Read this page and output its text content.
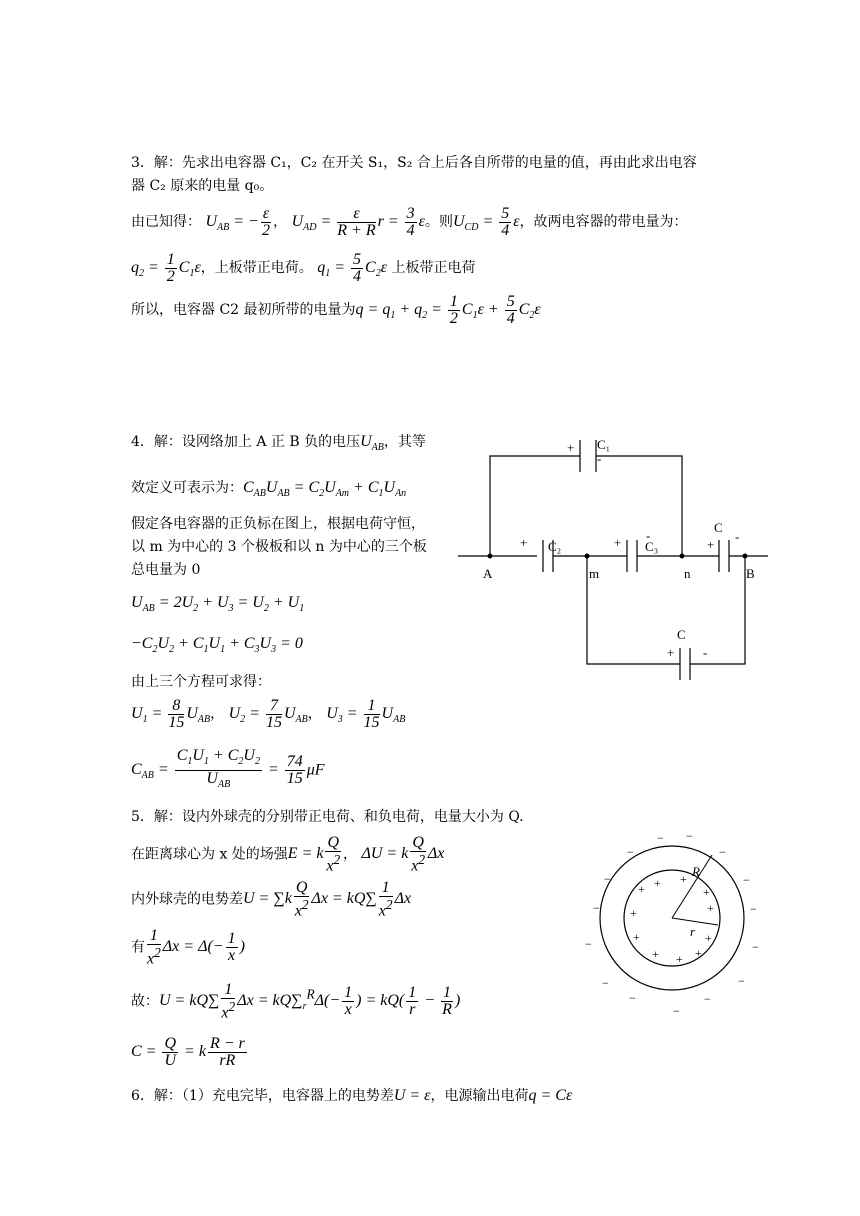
3．解：先求出电容器 C₁，C₂ 在开关 S₁，S₂ 合上后各自所带的电量的值，再由此求出电容
器 C₂ 原来的电量 q₀。
由已知得： $U_{AB}$ = − $\frac{\varepsilon}{2}$ ， $U_{AD} = \frac{\varepsilon}{R + R}$ $r = \frac{3}{4}$ ε。则$U_{CD} = \frac{5}{4}$ ε，故两电容器的带电量为：
$q_2 = \frac{1}{2} C_1\varepsilon$，上板带正电荷。 $q_1 = \frac{5}{4} C_2\varepsilon$ 上板带正电荷
所以，电容器 C2 最初所带的电量为$q = q_1 + q_2 = \frac{1}{2} C_1\varepsilon + \frac{5}{4} C_2\varepsilon$
4．解：设网络加上 A 正 B 负的电压$U_{AB}$，其等
效定义可表示为：$C_{AB}U_{AB} = C_2U_{Am} + C_1U_{An}$
假定各电容器的正负标在图上，根据电荷守恒，
以 m 为中心的 3 个极板和以 n 为中心的三个板
总电量为 0
$U_{AB} = 2U_2 + U_3 = U_2 + U_1$
$-C_2U_2 + C_1U_1 + C_3U_3 = 0$
由上三个方程可求得：
$U_1 = \frac{8}{15} U_{AB}$， $U_2 = \frac{7}{15} U_{AB}$， $U_3 = \frac{1}{15} U_{AB}$
$C_{AB} = \frac{C_1U_1 + C_2U_2}{U_{AB}} = \frac{74}{15}$ μF
+ C₁
-
+ C₂	+ C₃
-
+
C
-
C
+ -
A	m	n	B
5．解：设内外球壳的分别带正电荷、和负电荷，电量大小为 Q.
在距离球心为 x 处的场强E = k $\frac{Q}{x^2}$ ， ΔU = k $\frac{Q}{x^2}$ Δx
内外球壳的电势差$U = \sum k \frac{Q}{x^2}$ $\Delta x = kQ\sum \frac{1}{x^2}$ Δx
有 $\frac{1}{x^2}$ $\Delta x = \Delta(- \frac{1}{x}$ )
故：$U = kQ\sum \frac{1}{x^2}$ $\Delta x = kQ\sum_r^R\Delta(- \frac{1}{x}$ ) = $kQ( \frac{1}{r} - \frac{1}{R}$ )
$C = \frac{Q}{U} = k \frac{R - r}{rR}$
R
r
+ +
+	+
+	+
+	+
+ + +
− −
−	−
−	−
−	−
−	−
−	−
−	−
−
6．解：（1）充电完毕，电容器上的电势差U = ε，电源输出电荷q = Cε
